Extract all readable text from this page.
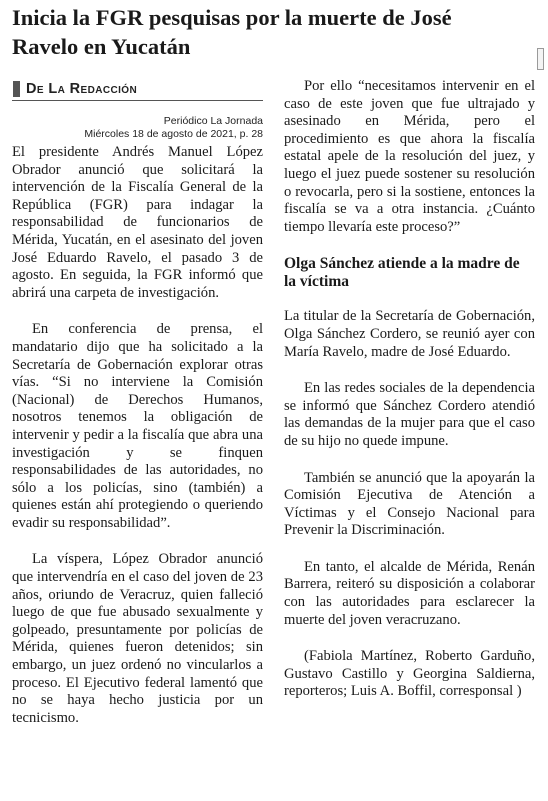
Inicia la FGR pesquisas por la muerte de José Ravelo en Yucatán
De La Redacción
Periódico La Jornada
Miércoles 18 de agosto de 2021, p. 28

El presidente Andrés Manuel López Obrador anunció que solicitará la intervención de la Fiscalía General de la República (FGR) para indagar la responsabilidad de funcionarios de Mérida, Yucatán, en el asesinato del joven José Eduardo Ravelo, el pasado 3 de agosto. En seguida, la FGR informó que abrirá una carpeta de investigación.

En conferencia de prensa, el mandatario dijo que ha solicitado a la Secretaría de Gobernación explorar otras vías. “Si no interviene la Comisión (Nacional) de Derechos Humanos, nosotros tenemos la obligación de intervenir y pedir a la fiscalía que abra una investigación y se finquen responsabilidades de las autoridades, no sólo a los policías, sino (también) a quienes están ahí protegiendo o queriendo evadir su responsabilidad”.

La víspera, López Obrador anunció que intervendría en el caso del joven de 23 años, oriundo de Veracruz, quien falleció luego de que fue abusado sexualmente y golpeado, presuntamente por policías de Mérida, quienes fueron detenidos; sin embargo, un juez ordenó no vincularlos a proceso. El Ejecutivo federal lamentó que no se haya hecho justicia por un tecnicismo.

Por ello “necesitamos intervenir en el caso de este joven que fue ultrajado y asesinado en Mérida, pero el procedimiento es que ahora la fiscalía estatal apele de la resolución del juez, y luego el juez puede sostener su resolución o revocarla, pero si la sostiene, entonces la fiscalía se va a otra instancia. ¿Cuánto tiempo llevaría este proceso?”

Olga Sánchez atiende a la madre de la víctima

La titular de la Secretaría de Gobernación, Olga Sánchez Cordero, se reunió ayer con María Ravelo, madre de José Eduardo.

En las redes sociales de la dependencia se informó que Sánchez Cordero atendió las demandas de la mujer para que el caso de su hijo no quede impune.

También se anunció que la apoyarán la Comisión Ejecutiva de Atención a Víctimas y el Consejo Nacional para Prevenir la Discriminación.

En tanto, el alcalde de Mérida, Renán Barrera, reiteró su disposición a colaborar con las autoridades para esclarecer la muerte del joven veracruzano.

(Fabiola Martínez, Roberto Garduño, Gustavo Castillo y Georgina Saldierna, reporteros; Luis A. Boffil, corresponsal )
